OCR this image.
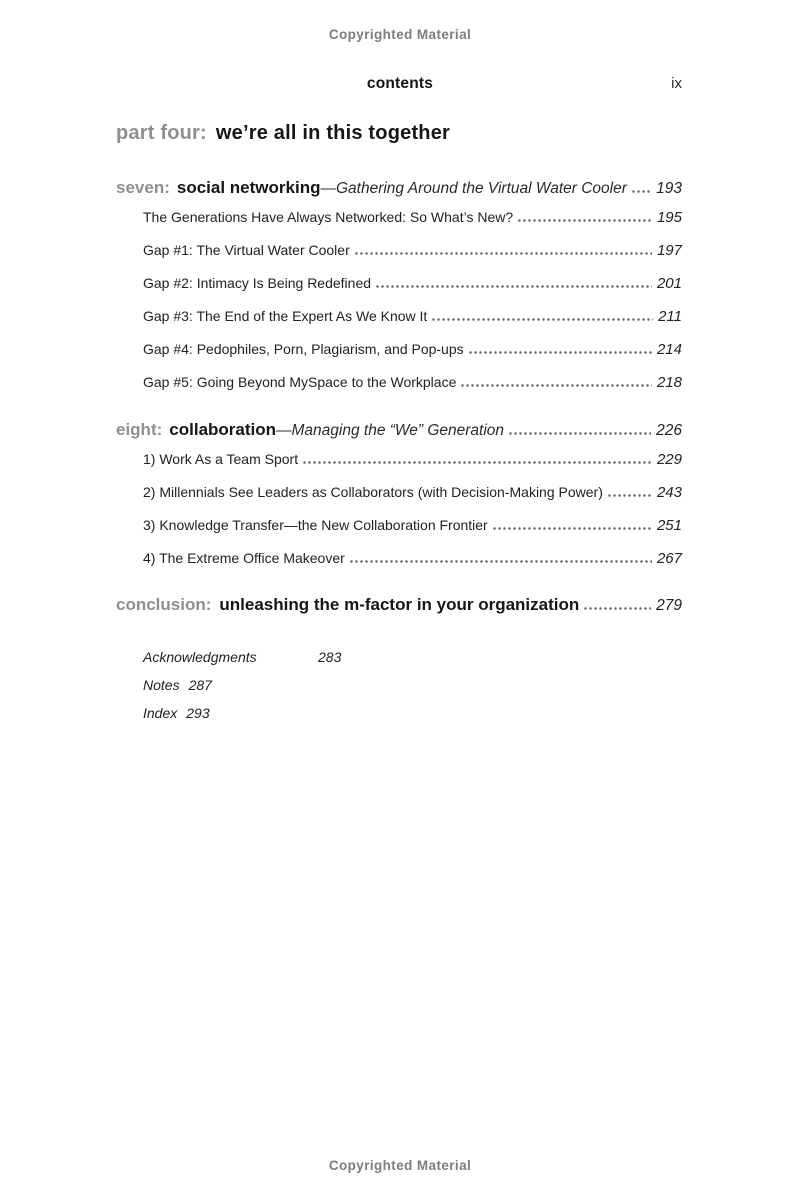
Copyrighted Material
contents	ix
part four: we’re all in this together
seven: social networking —Gathering Around the Virtual Water Cooler 193
The Generations Have Always Networked: So What’s New?	195
Gap #1: The Virtual Water Cooler	197
Gap #2: Intimacy Is Being Redefined	201
Gap #3: The End of the Expert As We Know It	211
Gap #4: Pedophiles, Porn, Plagiarism, and Pop-ups	214
Gap #5: Going Beyond MySpace to the Workplace	218
eight: collaboration —Managing the “We” Generation	226
1) Work As a Team Sport	229
2) Millennials See Leaders as Collaborators (with Decision-Making Power)	243
3) Knowledge Transfer—the New Collaboration Frontier	251
4) The Extreme Office Makeover	267
conclusion: unleashing the m-factor in your organization	279
Acknowledgments	283
Notes 287
Index 293
Copyrighted Material
